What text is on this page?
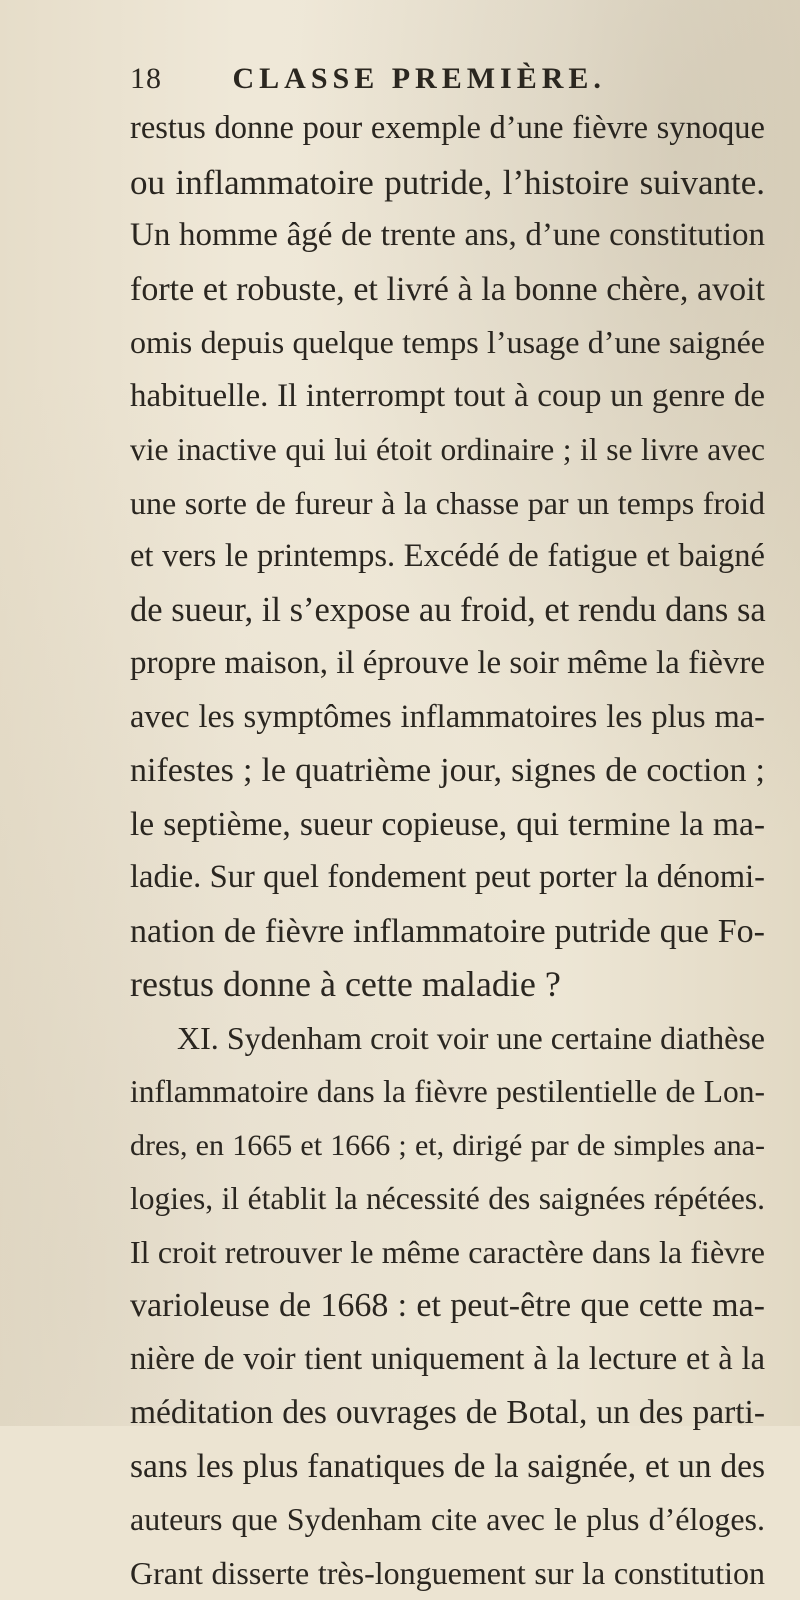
18 CLASSE PREMIÈRE.
restus donne pour exemple d’une fièvre synoque
ou inflammatoire putride, l’histoire suivante.
Un homme âgé de trente ans, d’une constitution
forte et robuste, et livré à la bonne chère, avoit
omis depuis quelque temps l’usage d’une saignée
habituelle. Il interrompt tout à coup un genre de
vie inactive qui lui étoit ordinaire ; il se livre avec
une sorte de fureur à la chasse par un temps froid
et vers le printemps. Excédé de fatigue et baigné
de sueur, il s’expose au froid, et rendu dans sa
propre maison, il éprouve le soir même la fièvre
avec les symptômes inflammatoires les plus ma-
nifestes ; le quatrième jour, signes de coction ;
le septième, sueur copieuse, qui termine la ma-
ladie. Sur quel fondement peut porter la dénomi-
nation de fièvre inflammatoire putride que Fo-
restus donne à cette maladie ?
XI. Sydenham croit voir une certaine diathèse
inflammatoire dans la fièvre pestilentielle de Lon-
dres, en 1665 et 1666 ; et, dirigé par de simples ana-
logies, il établit la nécessité des saignées répétées.
Il croit retrouver le même caractère dans la fièvre
varioleuse de 1668 : et peut-être que cette ma-
nière de voir tient uniquement à la lecture et à la
méditation des ouvrages de Botal, un des parti-
sans les plus fanatiques de la saignée, et un des
auteurs que Sydenham cite avec le plus d’éloges.
Grant disserte très-longuement sur la constitution
